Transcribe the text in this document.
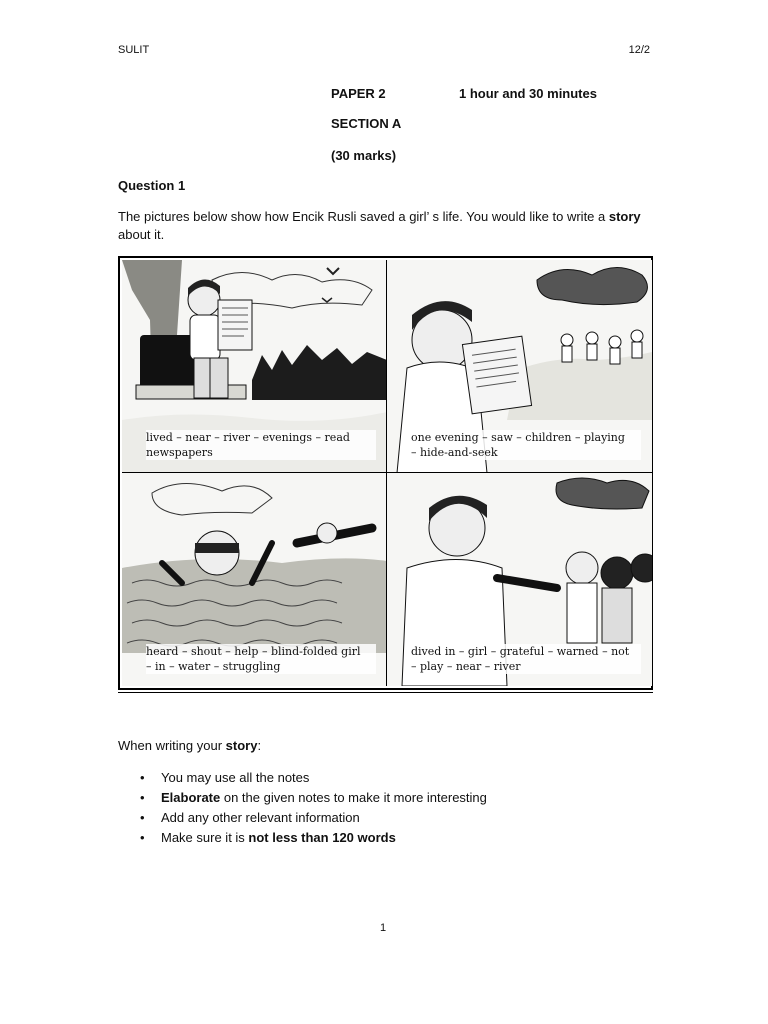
SULIT	12/2
PAPER 2	1 hour and 30 minutes
SECTION A
(30 marks)
Question 1
The pictures below show how Encik Rusli saved a girl’ s life. You would like to write a story about it.
lived – near – river – evenings – read
newspapers
one evening – saw – children – playing
– hide-and-seek
heard – shout – help – blind-folded girl
– in – water – struggling
dived in – girl – grateful – warned – not
– play – near – river
When writing your story:
• You may use all the notes
• Elaborate on the given notes to make it more interesting
• Add any other relevant information
• Make sure it is not less than 120 words
1
